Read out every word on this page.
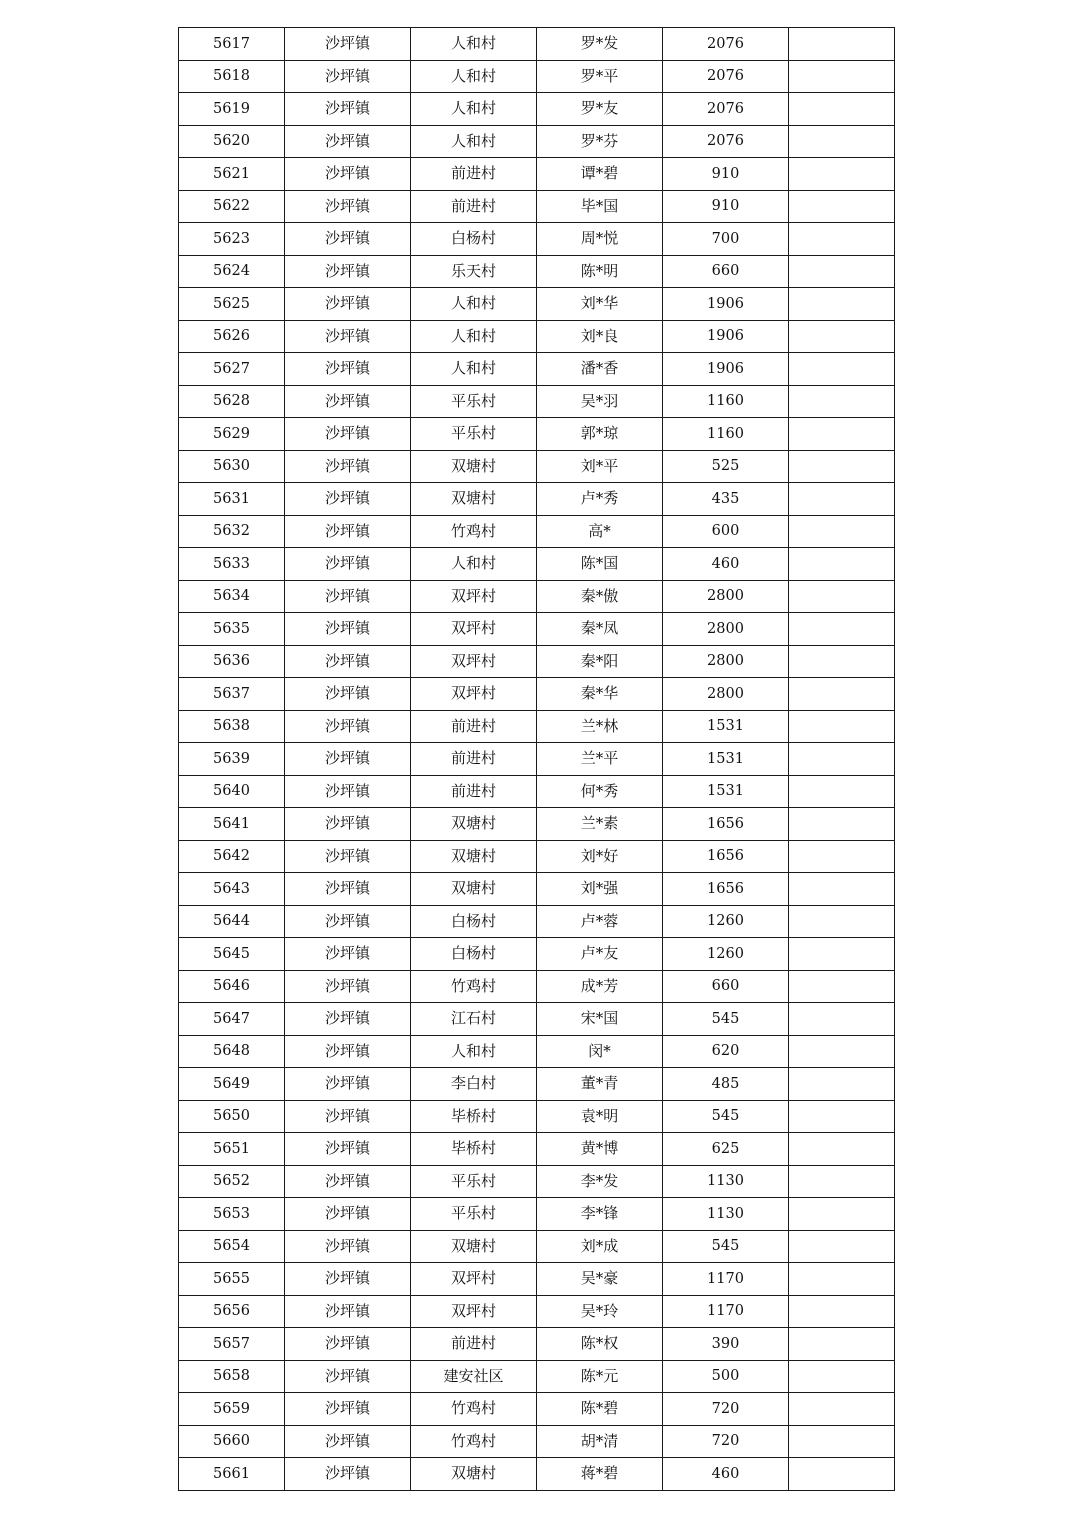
5617	沙坪镇	人和村	罗*发	2076	
5618	沙坪镇	人和村	罗*平	2076	
5619	沙坪镇	人和村	罗*友	2076	
5620	沙坪镇	人和村	罗*芬	2076	
5621	沙坪镇	前进村	谭*碧	910	
5622	沙坪镇	前进村	毕*国	910	
5623	沙坪镇	白杨村	周*悦	700	
5624	沙坪镇	乐天村	陈*明	660	
5625	沙坪镇	人和村	刘*华	1906	
5626	沙坪镇	人和村	刘*良	1906	
5627	沙坪镇	人和村	潘*香	1906	
5628	沙坪镇	平乐村	吴*羽	1160	
5629	沙坪镇	平乐村	郭*琼	1160	
5630	沙坪镇	双塘村	刘*平	525	
5631	沙坪镇	双塘村	卢*秀	435	
5632	沙坪镇	竹鸡村	高*	600	
5633	沙坪镇	人和村	陈*国	460	
5634	沙坪镇	双坪村	秦*傲	2800	
5635	沙坪镇	双坪村	秦*凤	2800	
5636	沙坪镇	双坪村	秦*阳	2800	
5637	沙坪镇	双坪村	秦*华	2800	
5638	沙坪镇	前进村	兰*林	1531	
5639	沙坪镇	前进村	兰*平	1531	
5640	沙坪镇	前进村	何*秀	1531	
5641	沙坪镇	双塘村	兰*素	1656	
5642	沙坪镇	双塘村	刘*好	1656	
5643	沙坪镇	双塘村	刘*强	1656	
5644	沙坪镇	白杨村	卢*蓉	1260	
5645	沙坪镇	白杨村	卢*友	1260	
5646	沙坪镇	竹鸡村	成*芳	660	
5647	沙坪镇	江石村	宋*国	545	
5648	沙坪镇	人和村	闵*	620	
5649	沙坪镇	李白村	董*青	485	
5650	沙坪镇	毕桥村	袁*明	545	
5651	沙坪镇	毕桥村	黄*博	625	
5652	沙坪镇	平乐村	李*发	1130	
5653	沙坪镇	平乐村	李*锋	1130	
5654	沙坪镇	双塘村	刘*成	545	
5655	沙坪镇	双坪村	吴*豪	1170	
5656	沙坪镇	双坪村	吴*玲	1170	
5657	沙坪镇	前进村	陈*权	390	
5658	沙坪镇	建安社区	陈*元	500	
5659	沙坪镇	竹鸡村	陈*碧	720	
5660	沙坪镇	竹鸡村	胡*清	720	
5661	沙坪镇	双塘村	蒋*碧	460	
